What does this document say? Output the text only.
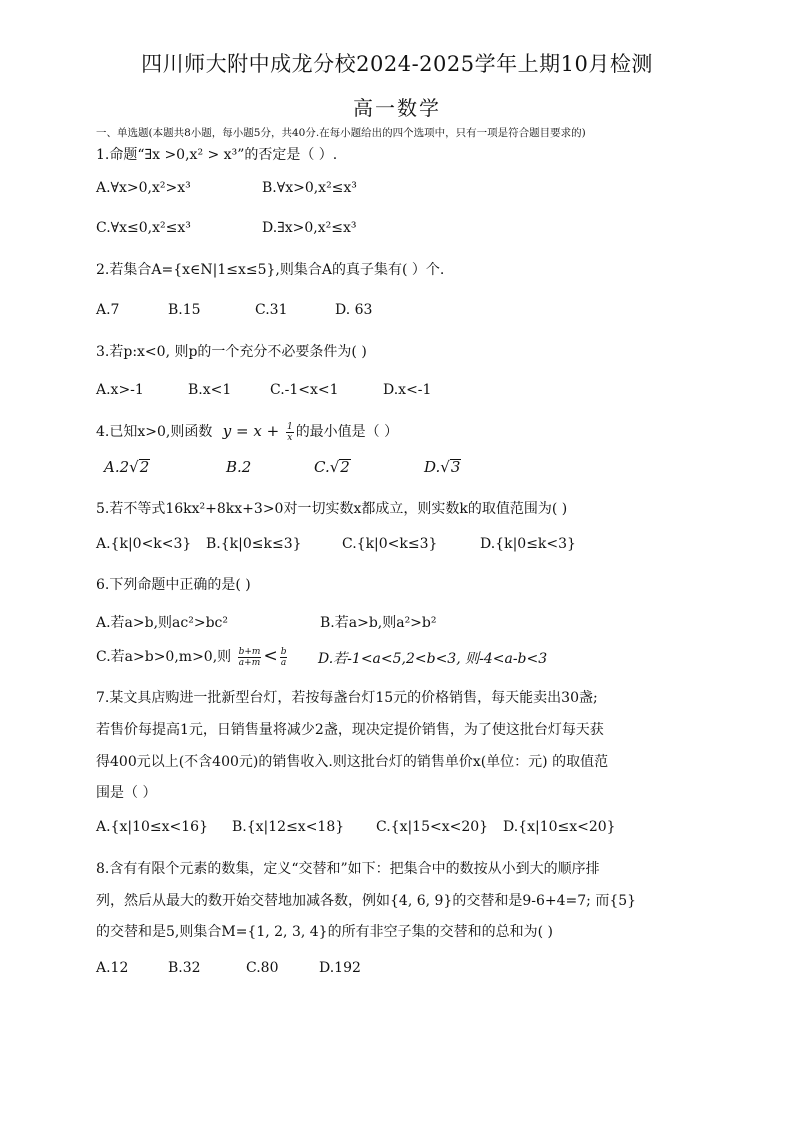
四川师大附中成龙分校2024-2025学年上期10月检测
高一数学
一、单选题(本题共8小题，每小题5分，共40分.在每小题给出的四个选项中，只有一项是符合题目要求的)
1.命题“∃x >0,x² > x³”的否定是（ ）.
A.∀x>0,x²>x³	B.∀x>0,x²≤x³
C.∀x≤0,x²≤x³	D.∃x>0,x²≤x³
2.若集合A={x∈N|1≤x≤5},则集合A的真子集有( ）个.
A.7	B.15	C.31	D. 63
3.若p:x<0, 则p的一个充分不必要条件为( )
A.x>-1	B.x<1	C.-1<x<1	D.x<-1
4.已知x>0,则函数 $y = x + \frac{1}{x}$ 的最小值是（ ）
A.2√2	B.2	C.√2	D.√3
5.若不等式16kx²+8kx+3>0对一切实数x都成立，则实数k的取值范围为( )
A.{k|0<k<3} B.{k|0≤k≤3}	C.{k|0<k≤3}	D.{k|0≤k<3}
6.下列命题中正确的是( )
A.若a>b,则ac²>bc²	B.若a>b,则a²>b²
C.若a>b>0,m>0,则 $\frac{b+m}{a+m} < \frac{b}{a} D$.若-1<a<5,2<b<3, 则-4<a-b<3
7.某文具店购进一批新型台灯，若按每盏台灯15元的价格销售，每天能卖出30盏;
若售价每提高1元，日销售量将减少2盏，现决定提价销售，为了使这批台灯每天获
得400元以上(不含400元)的销售收入.则这批台灯的销售单价x(单位：元) 的取值范
围是（ ）
A.{x|10≤x<16} B.{x|12≤x<18} C.{x|15<x<20} D.{x|10≤x<20}
8.含有有限个元素的数集，定义“交替和”如下：把集合中的数按从小到大的顺序排
列，然后从最大的数开始交替地加减各数，例如{4, 6, 9}的交替和是9-6+4=7; 而{5}
的交替和是5,则集合M={1, 2, 3, 4}的所有非空子集的交替和的总和为( )
A.12	B.32	C.80	D.192
